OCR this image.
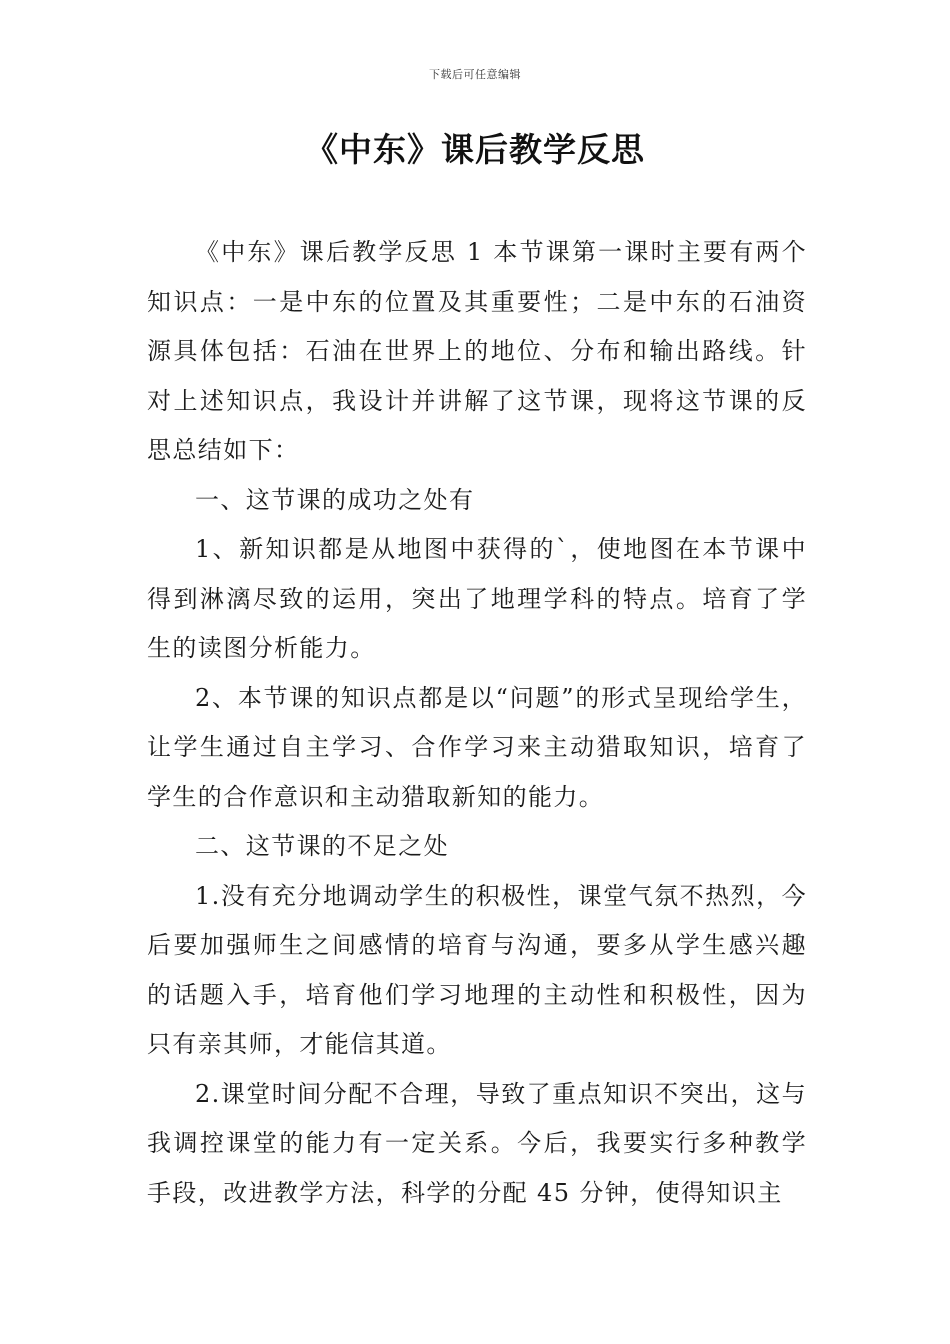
下载后可任意编辑
《中东》课后教学反思

《中东》课后教学反思 1 本节课第一课时主要有两个知识点：一是中东的位置及其重要性；二是中东的石油资源具体包括：石油在世界上的地位、分布和输出路线。针对上述知识点，我设计并讲解了这节课，现将这节课的反思总结如下：

一、这节课的成功之处有

1、新知识都是从地图中获得的`，使地图在本节课中得到淋漓尽致的运用，突出了地理学科的特点。培育了学生的读图分析能力。

2、本节课的知识点都是以“问题”的形式呈现给学生，让学生通过自主学习、合作学习来主动猎取知识，培育了学生的合作意识和主动猎取新知的能力。

二、这节课的不足之处

1.没有充分地调动学生的积极性，课堂气氛不热烈，今后要加强师生之间感情的培育与沟通，要多从学生感兴趣的话题入手，培育他们学习地理的主动性和积极性，因为只有亲其师，才能信其道。

2.课堂时间分配不合理，导致了重点知识不突出，这与我调控课堂的能力有一定关系。今后，我要实行多种教学手段，改进教学方法，科学的分配 45 分钟，使得知识主
